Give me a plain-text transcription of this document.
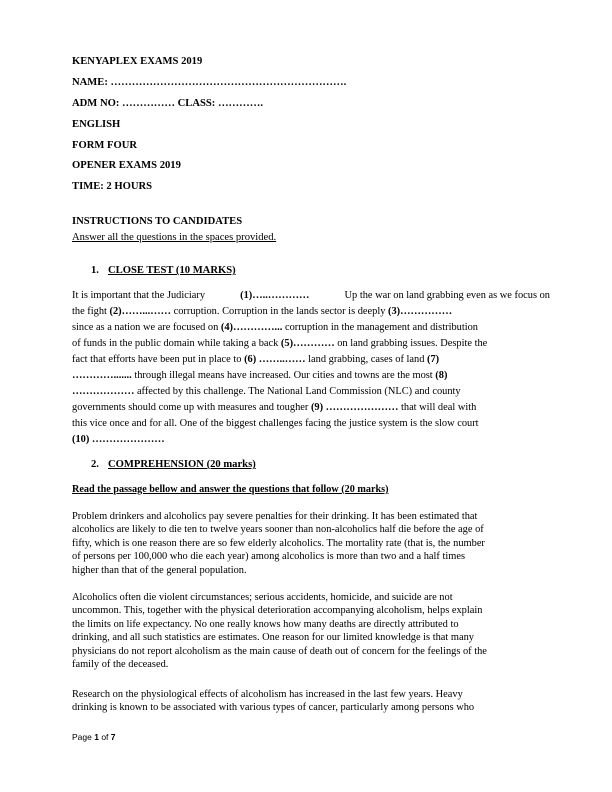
KENYAPLEX EXAMS 2019
NAME: ………………………………………………………….
ADM NO: …………… CLASS: ………….
ENGLISH
FORM FOUR
OPENER EXAMS 2019
TIME: 2 HOURS
INSTRUCTIONS TO CANDIDATES
Answer all the questions in the spaces provided.
1. CLOSE TEST (10 MARKS)
It is important that the Judiciary	(1)…..…………	Up the war on land grabbing even as we focus on
the fight (2)……...…… corruption. Corruption in the lands sector is deeply (3)……………
since as a nation we are focused on (4)…………... corruption in the management and distribution
of funds in the public domain while taking a back (5)………… on land grabbing issues. Despite the
fact that efforts have been put in place to (6) ……..…… land grabbing, cases of land (7)
…………....... through illegal means have increased. Our cities and towns are the most (8)
……………… affected by this challenge. The National Land Commission (NLC) and county
governments should come up with measures and tougher (9) ………………… that will deal with
this vice once and for all. One of the biggest challenges facing the justice system is the slow court
(10) …………………
2. COMPREHENSION (20 marks)
Read the passage bellow and answer the questions that follow (20 marks)
Problem drinkers and alcoholics pay severe penalties for their drinking. It has been estimated that
alcoholics are likely to die ten to twelve years sooner than non-alcoholics half die before the age of
fifty, which is one reason there are so few elderly alcoholics. The mortality rate (that is, the number
of persons per 100,000 who die each year) among alcoholics is more than two and a half times
higher than that of the general population.
Alcoholics often die violent circumstances; serious accidents, homicide, and suicide are not
uncommon. This, together with the physical deterioration accompanying alcoholism, helps explain
the limits on life expectancy. No one really knows how many deaths are directly attributed to
drinking, and all such statistics are estimates. One reason for our limited knowledge is that many
physicians do not report alcoholism as the main cause of death out of concern for the feelings of the
family of the deceased.
Research on the physiological effects of alcoholism has increased in the last few years. Heavy
drinking is known to be associated with various types of cancer, particularly among persons who
Page 1 of 7
